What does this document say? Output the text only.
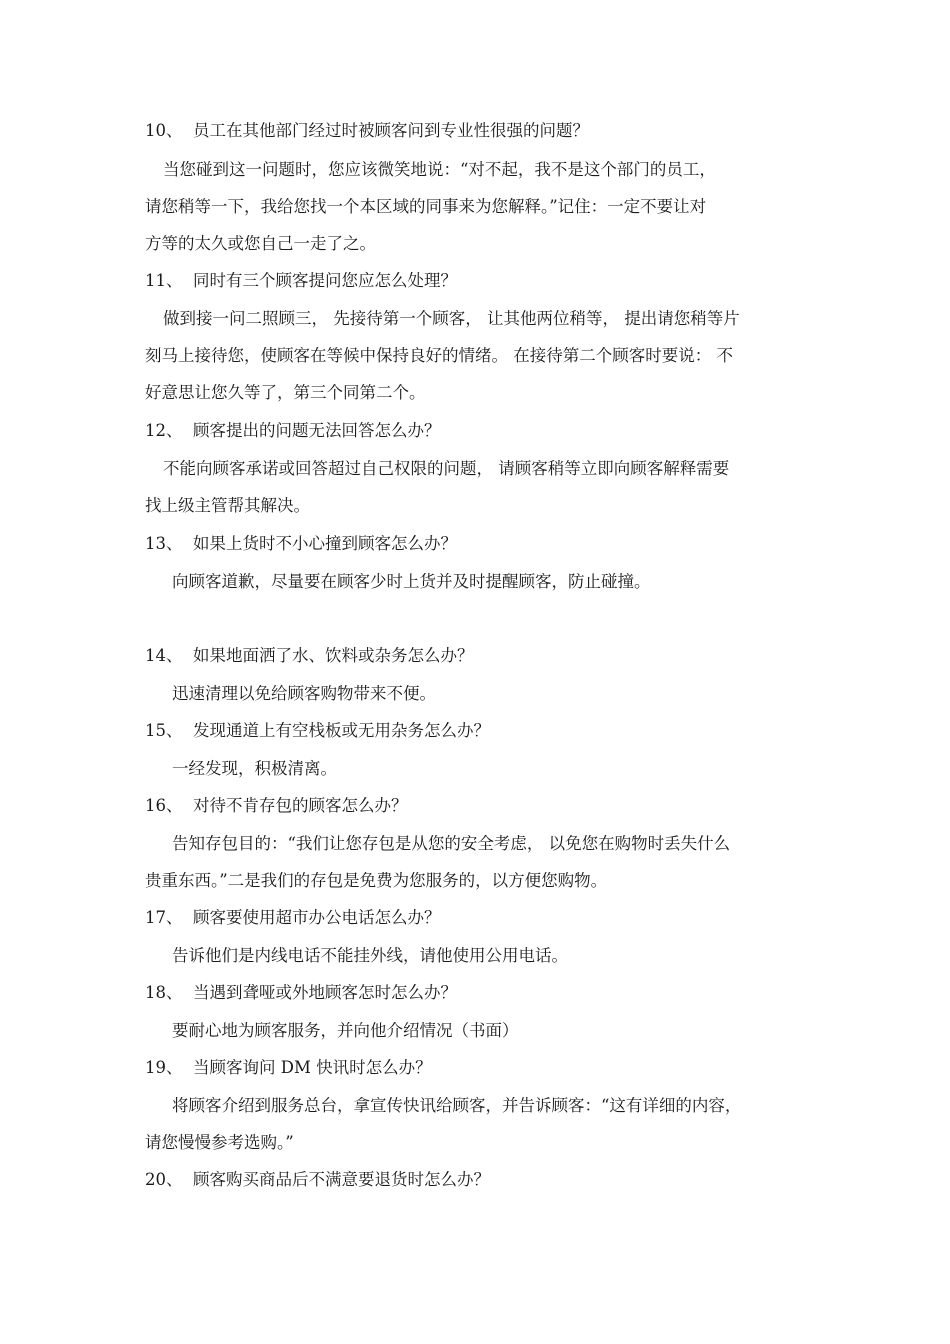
10、 员工在其他部门经过时被顾客问到专业性很强的问题？
当您碰到这一问题时，您应该微笑地说：“对不起，我不是这个部门的员工，
请您稍等一下，我给您找一个本区域的同事来为您解释。”记住：一定不要让对
方等的太久或您自己一走了之。
11、 同时有三个顾客提问您应怎么处理？
做到接一问二照顾三， 先接待第一个顾客， 让其他两位稍等， 提出请您稍等片
刻马上接待您，使顾客在等候中保持良好的情绪。 在接待第二个顾客时要说： 不
好意思让您久等了，第三个同第二个。
12、 顾客提出的问题无法回答怎么办？
不能向顾客承诺或回答超过自己权限的问题， 请顾客稍等立即向顾客解释需要
找上级主管帮其解决。
13、 如果上货时不小心撞到顾客怎么办？
向顾客道歉，尽量要在顾客少时上货并及时提醒顾客，防止碰撞。
14、 如果地面洒了水、饮料或杂务怎么办？
迅速清理以免给顾客购物带来不便。
15、 发现通道上有空栈板或无用杂务怎么办？
一经发现，积极清离。
16、 对待不肯存包的顾客怎么办？
告知存包目的：“我们让您存包是从您的安全考虑， 以免您在购物时丢失什么
贵重东西。”二是我们的存包是免费为您服务的，以方便您购物。
17、 顾客要使用超市办公电话怎么办？
告诉他们是内线电话不能挂外线，请他使用公用电话。
18、 当遇到聋哑或外地顾客怎时怎么办？
要耐心地为顾客服务，并向他介绍情况（书面）
19、 当顾客询问 DM 快讯时怎么办？
将顾客介绍到服务总台，拿宣传快讯给顾客，并告诉顾客：“这有详细的内容，
请您慢慢参考选购。”
20、 顾客购买商品后不满意要退货时怎么办？
